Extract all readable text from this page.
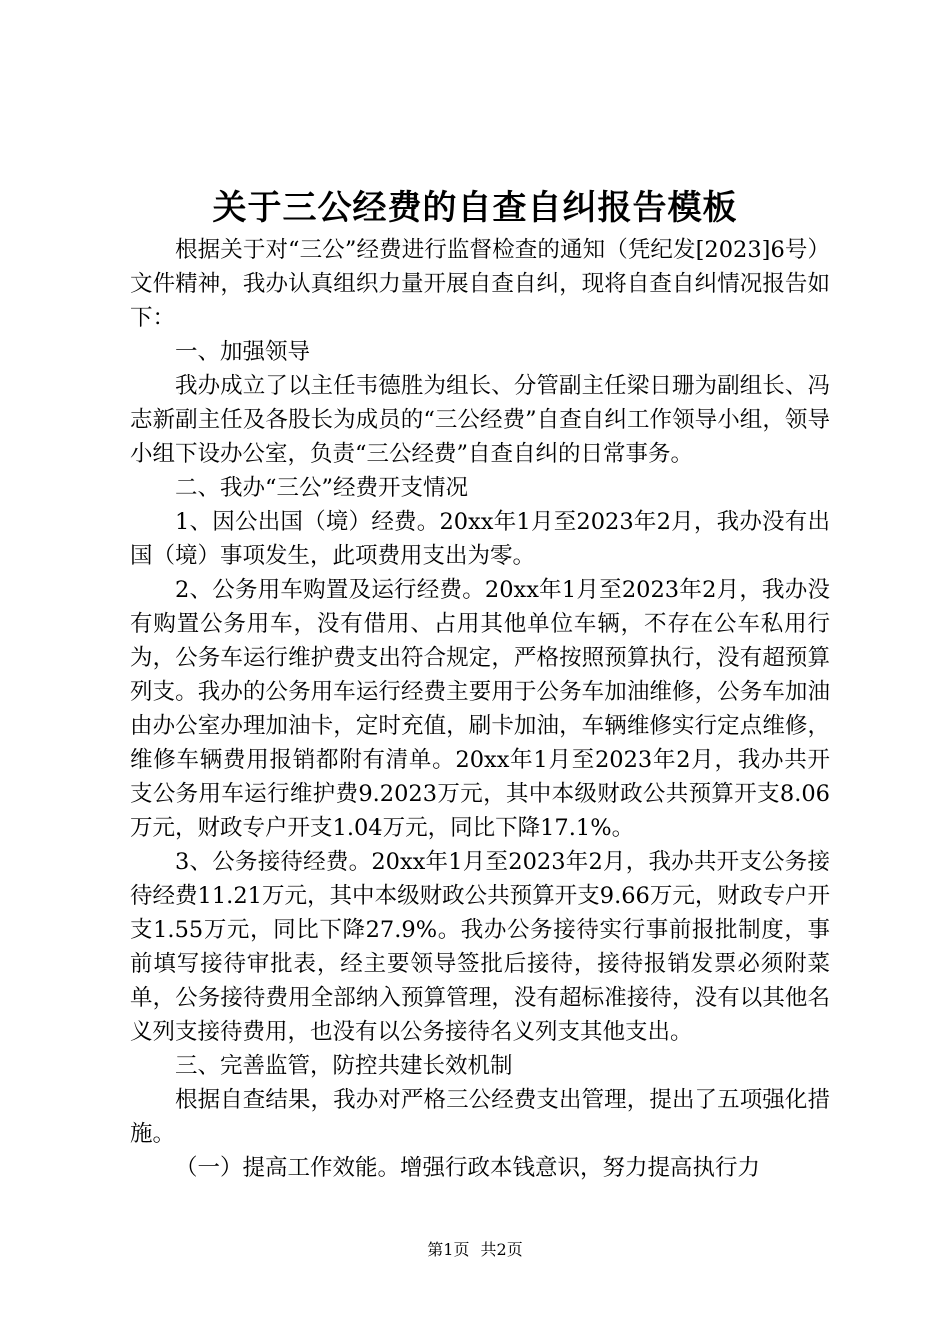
关于三公经费的自查自纠报告模板

根据关于对“三公”经费进行监督检查的通知（凭纪发[2023]6号）文件精神，我办认真组织力量开展自查自纠，现将自查自纠情况报告如下：

一、加强领导

我办成立了以主任韦德胜为组长、分管副主任梁日珊为副组长、冯志新副主任及各股长为成员的“三公经费”自查自纠工作领导小组，领导小组下设办公室，负责“三公经费”自查自纠的日常事务。

二、我办“三公”经费开支情况

1、因公出国（境）经费。20xx年1月至2023年2月，我办没有出国（境）事项发生，此项费用支出为零。

2、公务用车购置及运行经费。20xx年1月至2023年2月，我办没有购置公务用车，没有借用、占用其他单位车辆，不存在公车私用行为，公务车运行维护费支出符合规定，严格按照预算执行，没有超预算列支。我办的公务用车运行经费主要用于公务车加油维修，公务车加油由办公室办理加油卡，定时充值，刷卡加油，车辆维修实行定点维修，维修车辆费用报销都附有清单。20xx年1月至2023年2月，我办共开支公务用车运行维护费9.2023万元，其中本级财政公共预算开支8.06万元，财政专户开支1.04万元，同比下降17.1%。

3、公务接待经费。20xx年1月至2023年2月，我办共开支公务接待经费11.21万元，其中本级财政公共预算开支9.66万元，财政专户开支1.55万元，同比下降27.9%。我办公务接待实行事前报批制度，事前填写接待审批表，经主要领导签批后接待，接待报销发票必须附菜单，公务接待费用全部纳入预算管理，没有超标准接待，没有以其他名义列支接待费用，也没有以公务接待名义列支其他支出。

三、完善监管，防控共建长效机制

根据自查结果，我办对严格三公经费支出管理，提出了五项强化措施。

（一）提高工作效能。增强行政本钱意识，努力提高执行力

第1页 共2页
